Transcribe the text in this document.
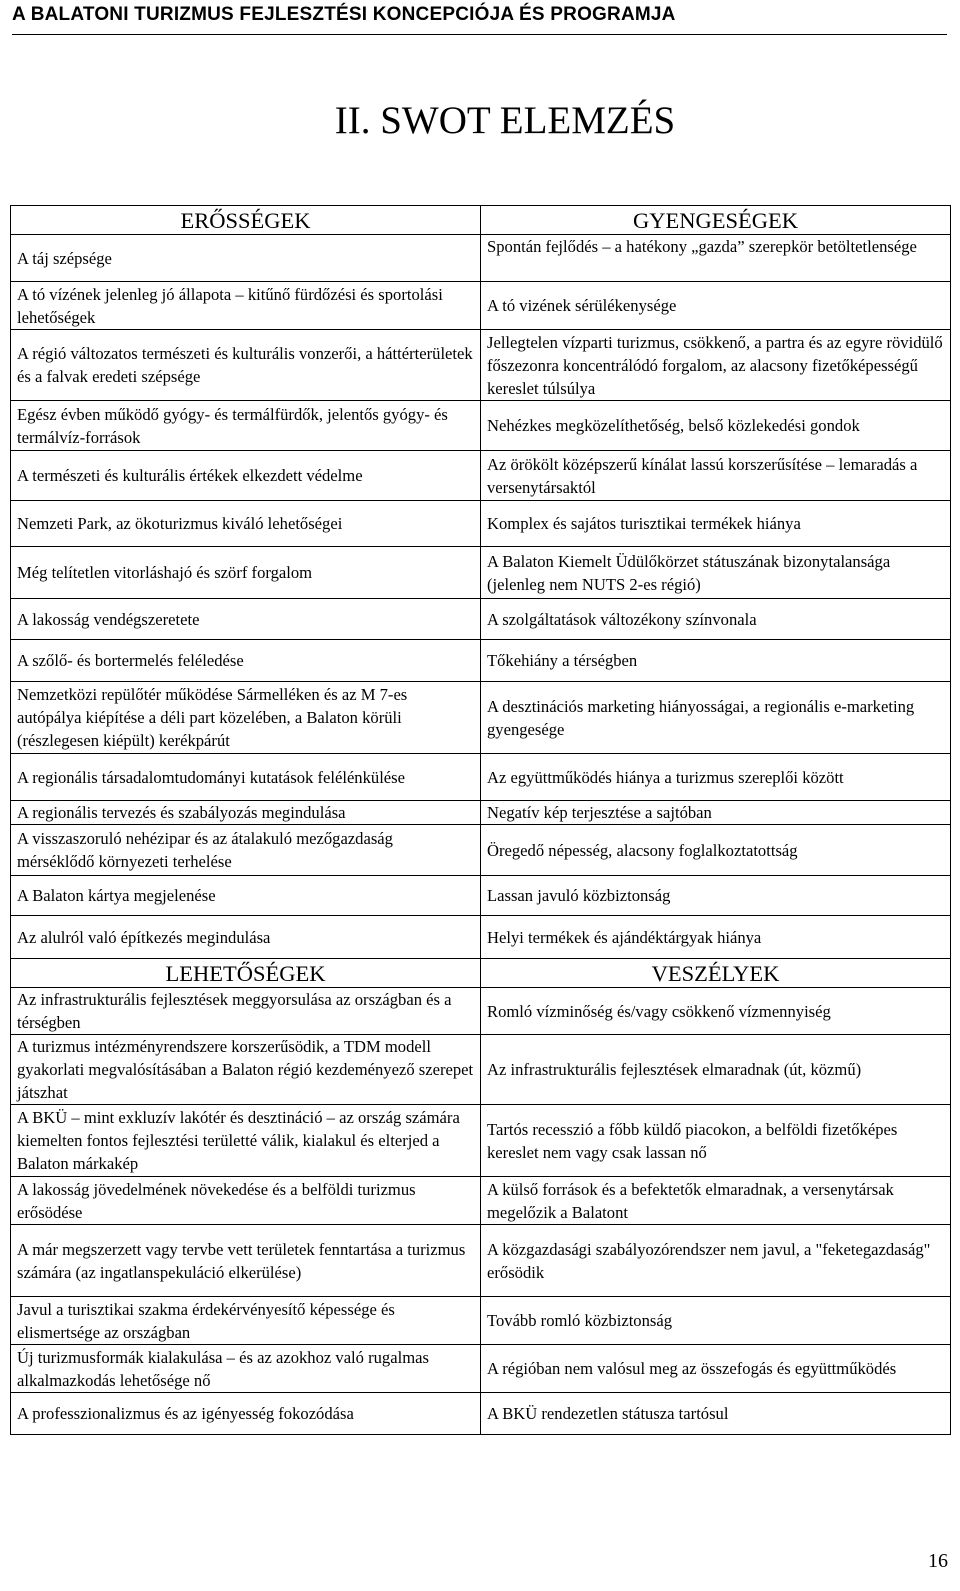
A BALATONI TURIZMUS FEJLESZTÉSI KONCEPCIÓJA ÉS PROGRAMJA
II. SWOT ELEMZÉS
ERŐSSÉGEK	GYENGESÉGEK
A táj szépsége	Spontán fejlődés – a hatékony „gazda” szerepkör betöltetlensége
A tó vízének jelenleg jó állapota – kitűnő fürdőzési és sportolási lehetőségek	A tó vizének sérülékenysége
A régió változatos természeti és kulturális vonzerői, a háttérterületek és a falvak eredeti szépsége	Jellegtelen vízparti turizmus, csökkenő, a partra és az egyre rövidülő főszezonra koncentrálódó forgalom, az alacsony fizetőképességű kereslet túlsúlya
Egész évben működő gyógy- és termálfürdők, jelentős gyógy- és termálvíz-források	Nehézkes megközelíthetőség, belső közlekedési gondok
A természeti és kulturális értékek elkezdett védelme	Az örökölt középszerű kínálat lassú korszerűsítése – lemaradás a versenytársaktól
Nemzeti Park, az ökoturizmus kiváló lehetőségei	Komplex és sajátos turisztikai termékek hiánya
Még telítetlen vitorláshajó és szörf forgalom	A Balaton Kiemelt Üdülőkörzet státuszának bizonytalansága (jelenleg nem NUTS 2-es régió)
A lakosság vendégszeretete	A szolgáltatások változékony színvonala
A szőlő- és bortermelés feléledése	Tőkehiány a térségben
Nemzetközi repülőtér működése Sármelléken és az M 7-es autópálya kiépítése a déli part közelében, a Balaton körüli (részlegesen kiépült) kerékpárút	A desztinációs marketing hiányosságai, a regionális e-marketing gyengesége
A regionális társadalomtudományi kutatások felélénkülése	Az együttműködés hiánya a turizmus szereplői között
A regionális tervezés és szabályozás megindulása	Negatív kép terjesztése a sajtóban
A visszaszoruló nehézipar és az átalakuló mezőgazdaság mérséklődő környezeti terhelése	Öregedő népesség, alacsony foglalkoztatottság
A Balaton kártya megjelenése	Lassan javuló közbiztonság
Az alulról való építkezés megindulása	Helyi termékek és ajándéktárgyak hiánya
LEHETŐSÉGEK	VESZÉLYEK
Az infrastrukturális fejlesztések meggyorsulása az országban és a térségben	Romló vízminőség és/vagy csökkenő vízmennyiség
A turizmus intézményrendszere korszerűsödik, a TDM modell gyakorlati megvalósításában a Balaton régió kezdeményező szerepet játszhat	Az infrastrukturális fejlesztések elmaradnak (út, közmű)
A BKÜ – mint exkluzív lakótér és desztináció – az ország számára kiemelten fontos fejlesztési területté válik, kialakul és elterjed a Balaton márkakép	Tartós recesszió a főbb küldő piacokon, a belföldi fizetőképes kereslet nem vagy csak lassan nő
A lakosság jövedelmének növekedése és a belföldi turizmus erősödése	A külső források és a befektetők elmaradnak, a versenytársak megelőzik a Balatont
A már megszerzett vagy tervbe vett területek fenntartása a turizmus számára (az ingatlanspekuláció elkerülése)	A közgazdasági szabályozórendszer nem javul, a "feketegazdaság" erősödik
Javul a turisztikai szakma érdekérvényesítő képessége és elismertsége az országban	Tovább romló közbiztonság
Új turizmusformák kialakulása – és az azokhoz való rugalmas alkalmazkodás lehetősége nő	A régióban nem valósul meg az összefogás és együttműködés
A professzionalizmus és az igényesség fokozódása	A BKÜ rendezetlen státusza tartósul
16
